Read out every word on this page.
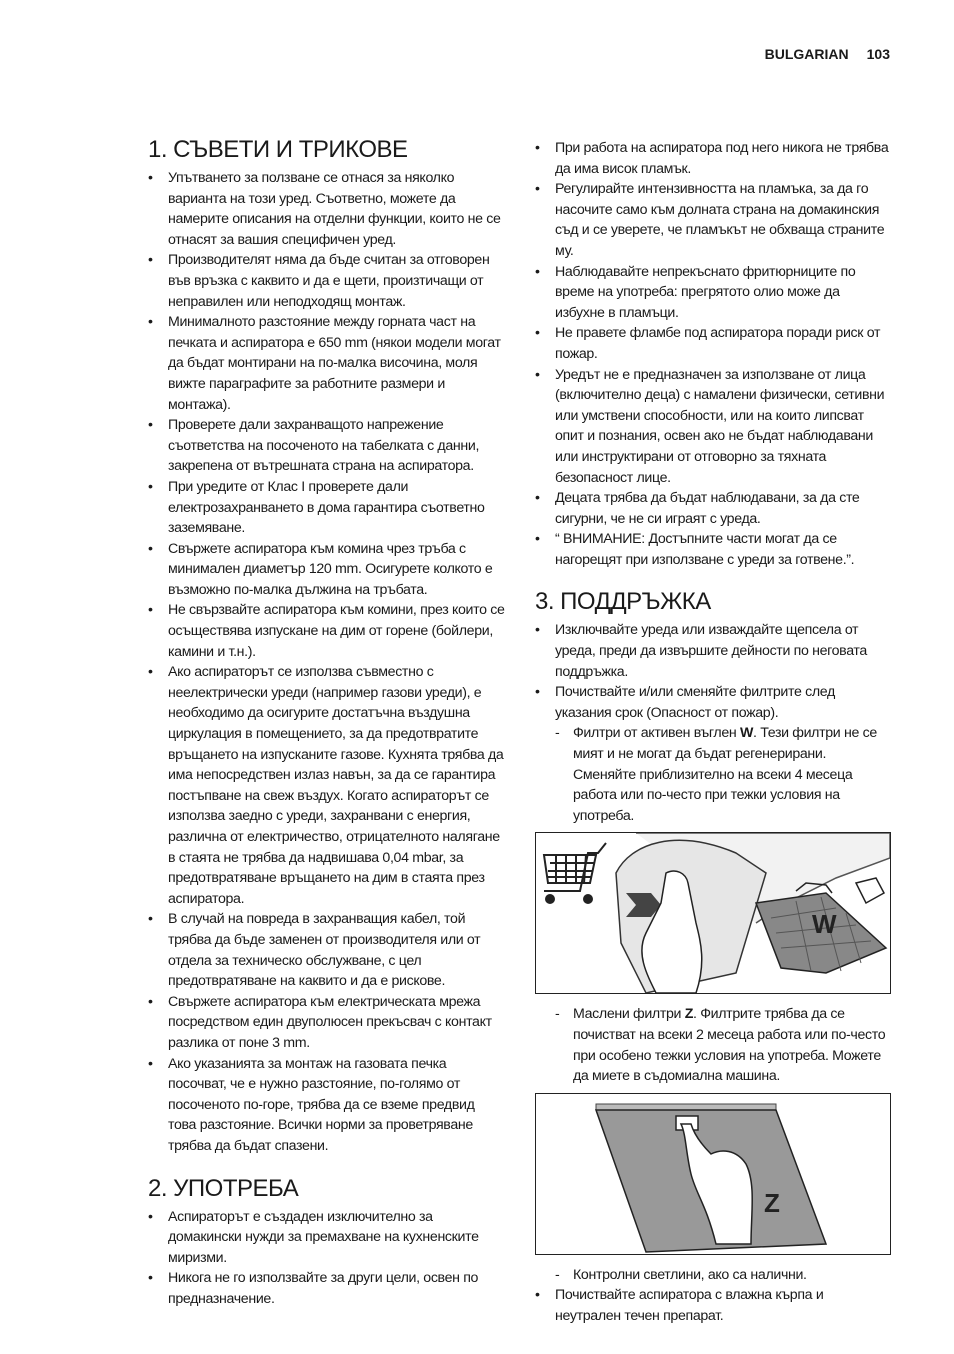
BULGARIAN 103
1. СЪВЕТИ И ТРИКОВЕ
• Упътването за ползване се отнася за няколко варианта на този уред. Съответно, можете да намерите описания на отделни функции, които не се отнасят за вашия специфичен уред.
• Производителят няма да бъде считан за отговорен във връзка с каквито и да е щети, произтичащи от неправилен или неподходящ монтаж.
• Минималното разстояние между горната част на печката и аспиратора е 650 mm (някои модели могат да бъдат монтирани на по-малка височина, моля вижте параграфите за работните размери и монтажа).
• Проверете дали захранващото напрежение съответства на посоченото на табелката с данни, закрепена от вътрешната страна на аспиратора.
• При уредите от Клас I проверете дали електрозахранването в дома гарантира съответно заземяване.
• Свържете аспиратора към комина чрез тръба с минимален диаметър 120 mm. Осигурете колкото е възможно по-малка дължина на тръбата.
• Не свързвайте аспиратора към комини, през които се осъществява изпускане на дим от горене (бойлери, камини и т.н.).
• Ако аспираторът се използва съвместно с неелектрически уреди (например газови уреди), е необходимо да осигурите достатъчна въздушна циркулация в помещението, за да предотвратите връщането на изпусканите газове. Кухнята трябва да има непосредствен излаз навън, за да се гарантира постъпване на свеж въздух. Когато аспираторът се използва заедно с уреди, захранвани с енергия, различна от електричество, отрицателното налягане в стаята не трябва да надвишава 0,04 mbar, за предотвратяване връщането на дим в стаята през аспиратора.
• В случай на повреда в захранващия кабел, той трябва да бъде заменен от производителя или от отдела за техническо обслужване, с цел предотвратяване на каквито и да е рискове.
• Свържете аспиратора към електрическата мрежа посредством един двуполюсен прекъсвач с контакт разлика от поне 3 mm.
• Ако указанията за монтаж на газовата печка посочват, че е нужно разстояние, по-голямо от посоченото по-горе, трябва да се вземе предвид това разстояние. Всички норми за проветряване трябва да бъдат спазени.
2. УПОТРЕБА
• Аспираторът е създаден изключително за домакински нужди за премахване на кухненските миризми.
• Никога не го използвайте за други цели, освен по предназначение.
• При работа на аспиратора под него никога не трябва да има висок пламък.
• Регулирайте интензивността на пламъка, за да го насочите само към долната страна на домакинския съд и се уверете, че пламъкът не обхваща страните му.
• Наблюдавайте непрекъснато фритюрниците по време на употреба: прегрятото олио може да избухне в пламъци.
• Не правете фламбе под аспиратора поради риск от пожар.
• Уредът не е предназначен за използване от лица (включително деца) с намалени физически, сетивни или умствени способности, или на които липсват опит и познания, освен ако не бъдат наблюдавани или инструктирани от отговорно за тяхната безопасност лице.
• Децата трябва да бъдат наблюдавани, за да сте сигурни, че не си играят с уреда.
• “ ВНИМАНИЕ: Достъпните части могат да се нагорещят при използване с уреди за готвене.”.
3. ПОДДРЪЖКА
• Изключвайте уреда или изваждайте щепсела от уреда, преди да извършите дейности по неговата поддръжка.
• Почиствайте и/или сменяйте филтрите след указания срок (Опасност от пожар).
- Филтри от активен въглен W. Тези филтри не се мият и не могат да бъдат регенерирани. Сменяйте приблизително на всеки 4 месеца работа или по-често при тежки условия на употреба.
W
- Маслени филтри Z. Филтрите трябва да се почистват на всеки 2 месеца работа или по-често при особено тежки условия на употреба. Можете да миете в съдомиална машина.
Z
- Контролни светлини, ако са налични.
• Почиствайте аспиратора с влажна кърпа и неутрален течен препарат.
